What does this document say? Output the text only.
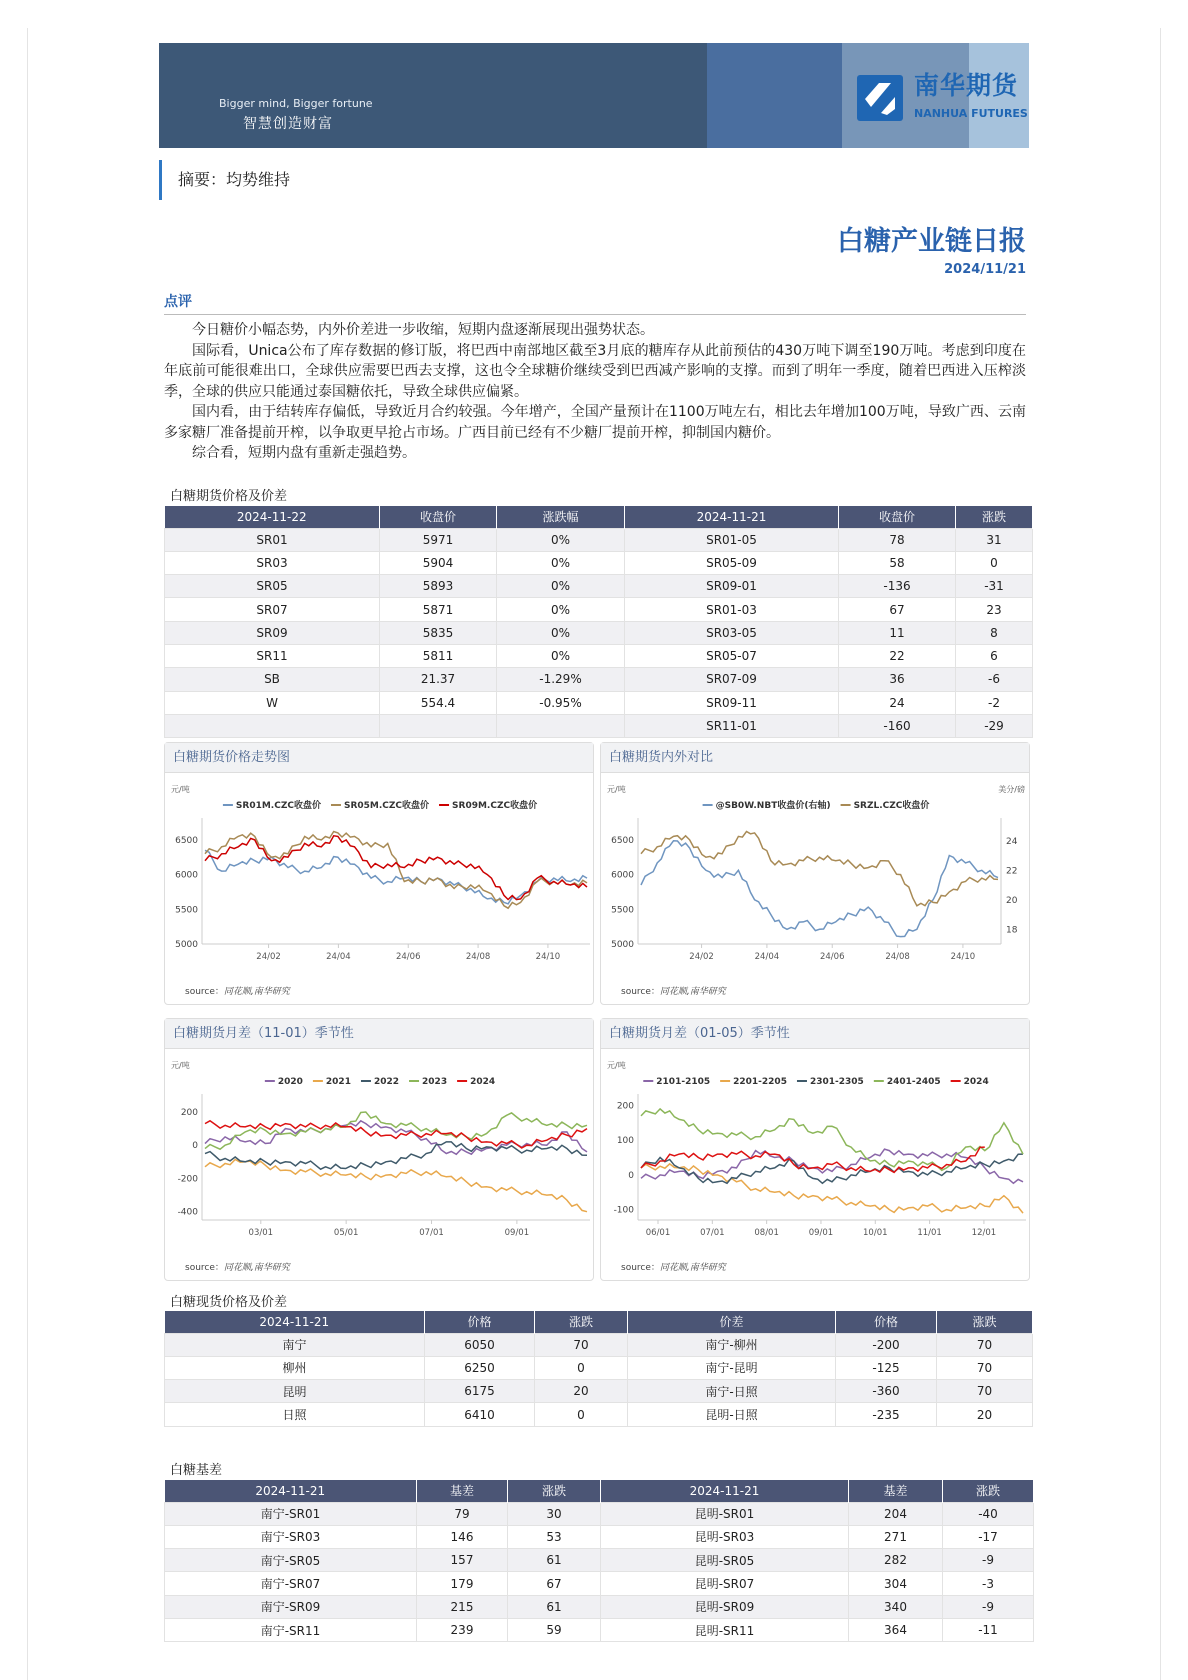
Bigger mind, Bigger fortune
智慧创造财富
南华期货
NANHUA FUTURES
摘要：均势维持
白糖产业链日报
2024/11/21
点评

今日糖价小幅态势，内外价差进一步收缩，短期内盘逐渐展现出强势状态。

国际看，Unica公布了库存数据的修订版，将巴西中南部地区截至3月底的糖库存从此前预估的430万吨下调至190万吨。考虑到印度在年底前可能很难出口，全球供应需要巴西去支撑，这也令全球糖价继续受到巴西减产影响的支撑。而到了明年一季度，随着巴西进入压榨淡季，全球的供应只能通过泰国糖依托，导致全球供应偏紧。

国内看，由于结转库存偏低，导致近月合约较强。今年增产，全国产量预计在1100万吨左右，相比去年增加100万吨，导致广西、云南多家糖厂准备提前开榨，以争取更早抢占市场。广西目前已经有不少糖厂提前开榨，抑制国内糖价。

综合看，短期内盘有重新走强趋势。

白糖期货价格及价差
2024-11-22	收盘价	涨跌幅	2024-11-21	收盘价	涨跌
SR01	5971	0%	SR01-05	78	31
SR03	5904	0%	SR05-09	58	0
SR05	5893	0%	SR09-01	-136	-31
SR07	5871	0%	SR01-03	67	23
SR09	5835	0%	SR03-05	11	8
SR11	5811	0%	SR05-07	22	6
SB	21.37	-1.29%	SR07-09	36	-6
W	554.4	-0.95%	SR09-11	24	-2
			SR11-01	-160	-29
白糖期货价格走势图
元/吨
6500
6000
5500
5000
24/02	24/04	24/06	24/08	24/10
SR01M.CZC收盘价	SR05M.CZC收盘价	SR09M.CZC收盘价
source：同花顺,南华研究
白糖期货内外对比
元/吨	美分/磅
6500
6000
5500
5000
24
22
20
18
24/02	24/04	24/06	24/08	24/10
@SB0W.NBT收盘价(右轴)	SRZL.CZC收盘价
source：同花顺,南华研究
白糖期货月差（11-01）季节性
元/吨
200
0
-200
-400
03/01	05/01	07/01	09/01
2020	2021	2022	2023	2024
source：同花顺,南华研究
白糖期货月差（01-05）季节性
元/吨
200
100
0
-100
06/01	07/01	08/01	09/01	10/01	11/01	12/01
2101-2105	2201-2205	2301-2305	2401-2405	2024
source：同花顺,南华研究
白糖现货价格及价差
2024-11-21	价格	涨跌	价差	价格	涨跌
南宁	6050	70	南宁-柳州	-200	70
柳州	6250	0	南宁-昆明	-125	70
昆明	6175	20	南宁-日照	-360	70
日照	6410	0	昆明-日照	-235	20
白糖基差
2024-11-21	基差	涨跌	2024-11-21	基差	涨跌
南宁-SR01	79	30	昆明-SR01	204	-40
南宁-SR03	146	53	昆明-SR03	271	-17
南宁-SR05	157	61	昆明-SR05	282	-9
南宁-SR07	179	67	昆明-SR07	304	-3
南宁-SR09	215	61	昆明-SR09	340	-9
南宁-SR11	239	59	昆明-SR11	364	-11
